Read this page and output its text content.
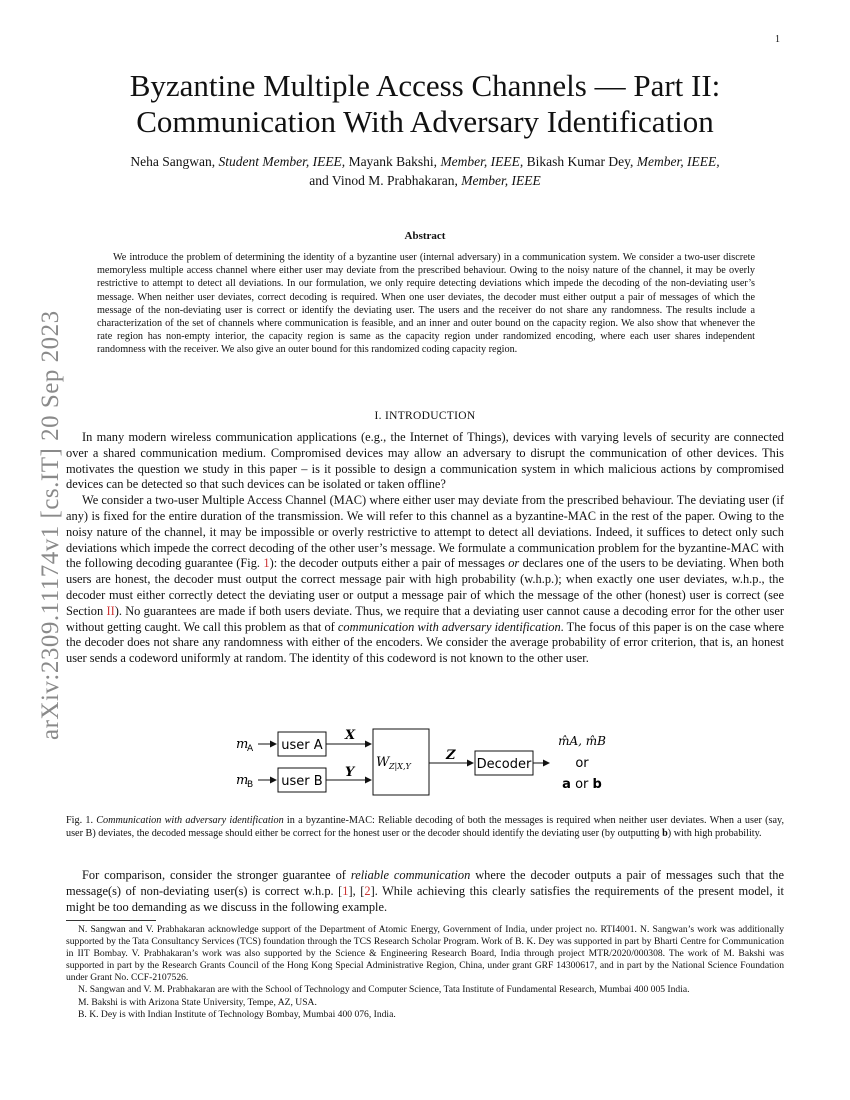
1
arXiv:2309.11174v1 [cs.IT] 20 Sep 2023
Byzantine Multiple Access Channels — Part II:
Communication With Adversary Identification
Neha Sangwan, Student Member, IEEE, Mayank Bakshi, Member, IEEE, Bikash Kumar Dey, Member, IEEE,
and Vinod M. Prabhakaran, Member, IEEE
Abstract

We introduce the problem of determining the identity of a byzantine user (internal adversary) in a communication system. We consider a two-user discrete memoryless multiple access channel where either user may deviate from the prescribed behaviour. Owing to the noisy nature of the channel, it may be overly restrictive to attempt to detect all deviations. In our formulation, we only require detecting deviations which impede the decoding of the non-deviating user’s message. When neither user deviates, correct decoding is required. When one user deviates, the decoder must either output a pair of messages of which the message of the non-deviating user is correct or identify the deviating user. The users and the receiver do not share any randomness. The results include a characterization of the set of channels where communication is feasible, and an inner and outer bound on the capacity region. We also show that whenever the rate region has non-empty interior, the capacity region is same as the capacity region under randomized encoding, where each user shares independent randomness with the receiver. We also give an outer bound for this randomized coding capacity region.

I. INTRODUCTION

In many modern wireless communication applications (e.g., the Internet of Things), devices with varying levels of security are connected over a shared communication medium. Compromised devices may allow an adversary to disrupt the communication of other devices. This motivates the question we study in this paper – is it possible to design a communication system in which malicious actions by compromised devices can be detected so that such devices can be isolated or taken offline?

We consider a two-user Multiple Access Channel (MAC) where either user may deviate from the prescribed behaviour. The deviating user (if any) is fixed for the entire duration of the transmission. We will refer to this channel as a byzantine-MAC in the rest of the paper. Owing to the noisy nature of the channel, it may be impossible or overly restrictive to attempt to detect all deviations. Indeed, it suffices to detect only such deviations which impede the correct decoding of the other user’s message. We formulate a communication problem for the byzantine-MAC with the following decoding guarantee (Fig. 1): the decoder outputs either a pair of messages or declares one of the users to be deviating. When both users are honest, the decoder must output the correct message pair with high probability (w.h.p.); when exactly one user deviates, w.h.p., the decoder must either correctly detect the deviating user or output a message pair of which the message of the other (honest) user is correct (see Section II). No guarantees are made if both users deviate. Thus, we require that a deviating user cannot cause a decoding error for the other user without getting caught. We call this problem as that of communication with adversary identification. The focus of this paper is on the case where the decoder does not share any randomness with either of the encoders. We consider the average probability of error criterion, that is, an honest user sends a codeword uniformly at random. The identity of this codeword is not known to the other user.

m
A user A
m
B user B
X
Y
W Z|X,Y
Z
Decoder
m̂A, m̂B
or
a or b
Fig. 1. Communication with adversary identification in a byzantine-MAC: Reliable decoding of both the messages is required when neither user deviates. When a user (say, user B) deviates, the decoded message should either be correct for the honest user or the decoder should identify the deviating user (by outputting b) with high probability.

For comparison, consider the stronger guarantee of reliable communication where the decoder outputs a pair of messages such that the message(s) of non-deviating user(s) is correct w.h.p. [1], [2]. While achieving this clearly satisfies the requirements of the present model, it might be too demanding as we discuss in the following example.

N. Sangwan and V. Prabhakaran acknowledge support of the Department of Atomic Energy, Government of India, under project no. RTI4001. N. Sangwan’s work was additionally supported by the Tata Consultancy Services (TCS) foundation through the TCS Research Scholar Program. Work of B. K. Dey was supported in part by Bharti Centre for Communication in IIT Bombay. V. Prabhakaran’s work was also supported by the Science & Engineering Research Board, India through project MTR/2020/000308. The work of M. Bakshi was supported in part by the Research Grants Council of the Hong Kong Special Administrative Region, China, under grant GRF 14300617, and in part by the National Science Foundation under Grant No. CCF-2107526.

N. Sangwan and V. M. Prabhakaran are with the School of Technology and Computer Science, Tata Institute of Fundamental Research, Mumbai 400 005 India.

M. Bakshi is with Arizona State University, Tempe, AZ, USA.

B. K. Dey is with Indian Institute of Technology Bombay, Mumbai 400 076, India.
